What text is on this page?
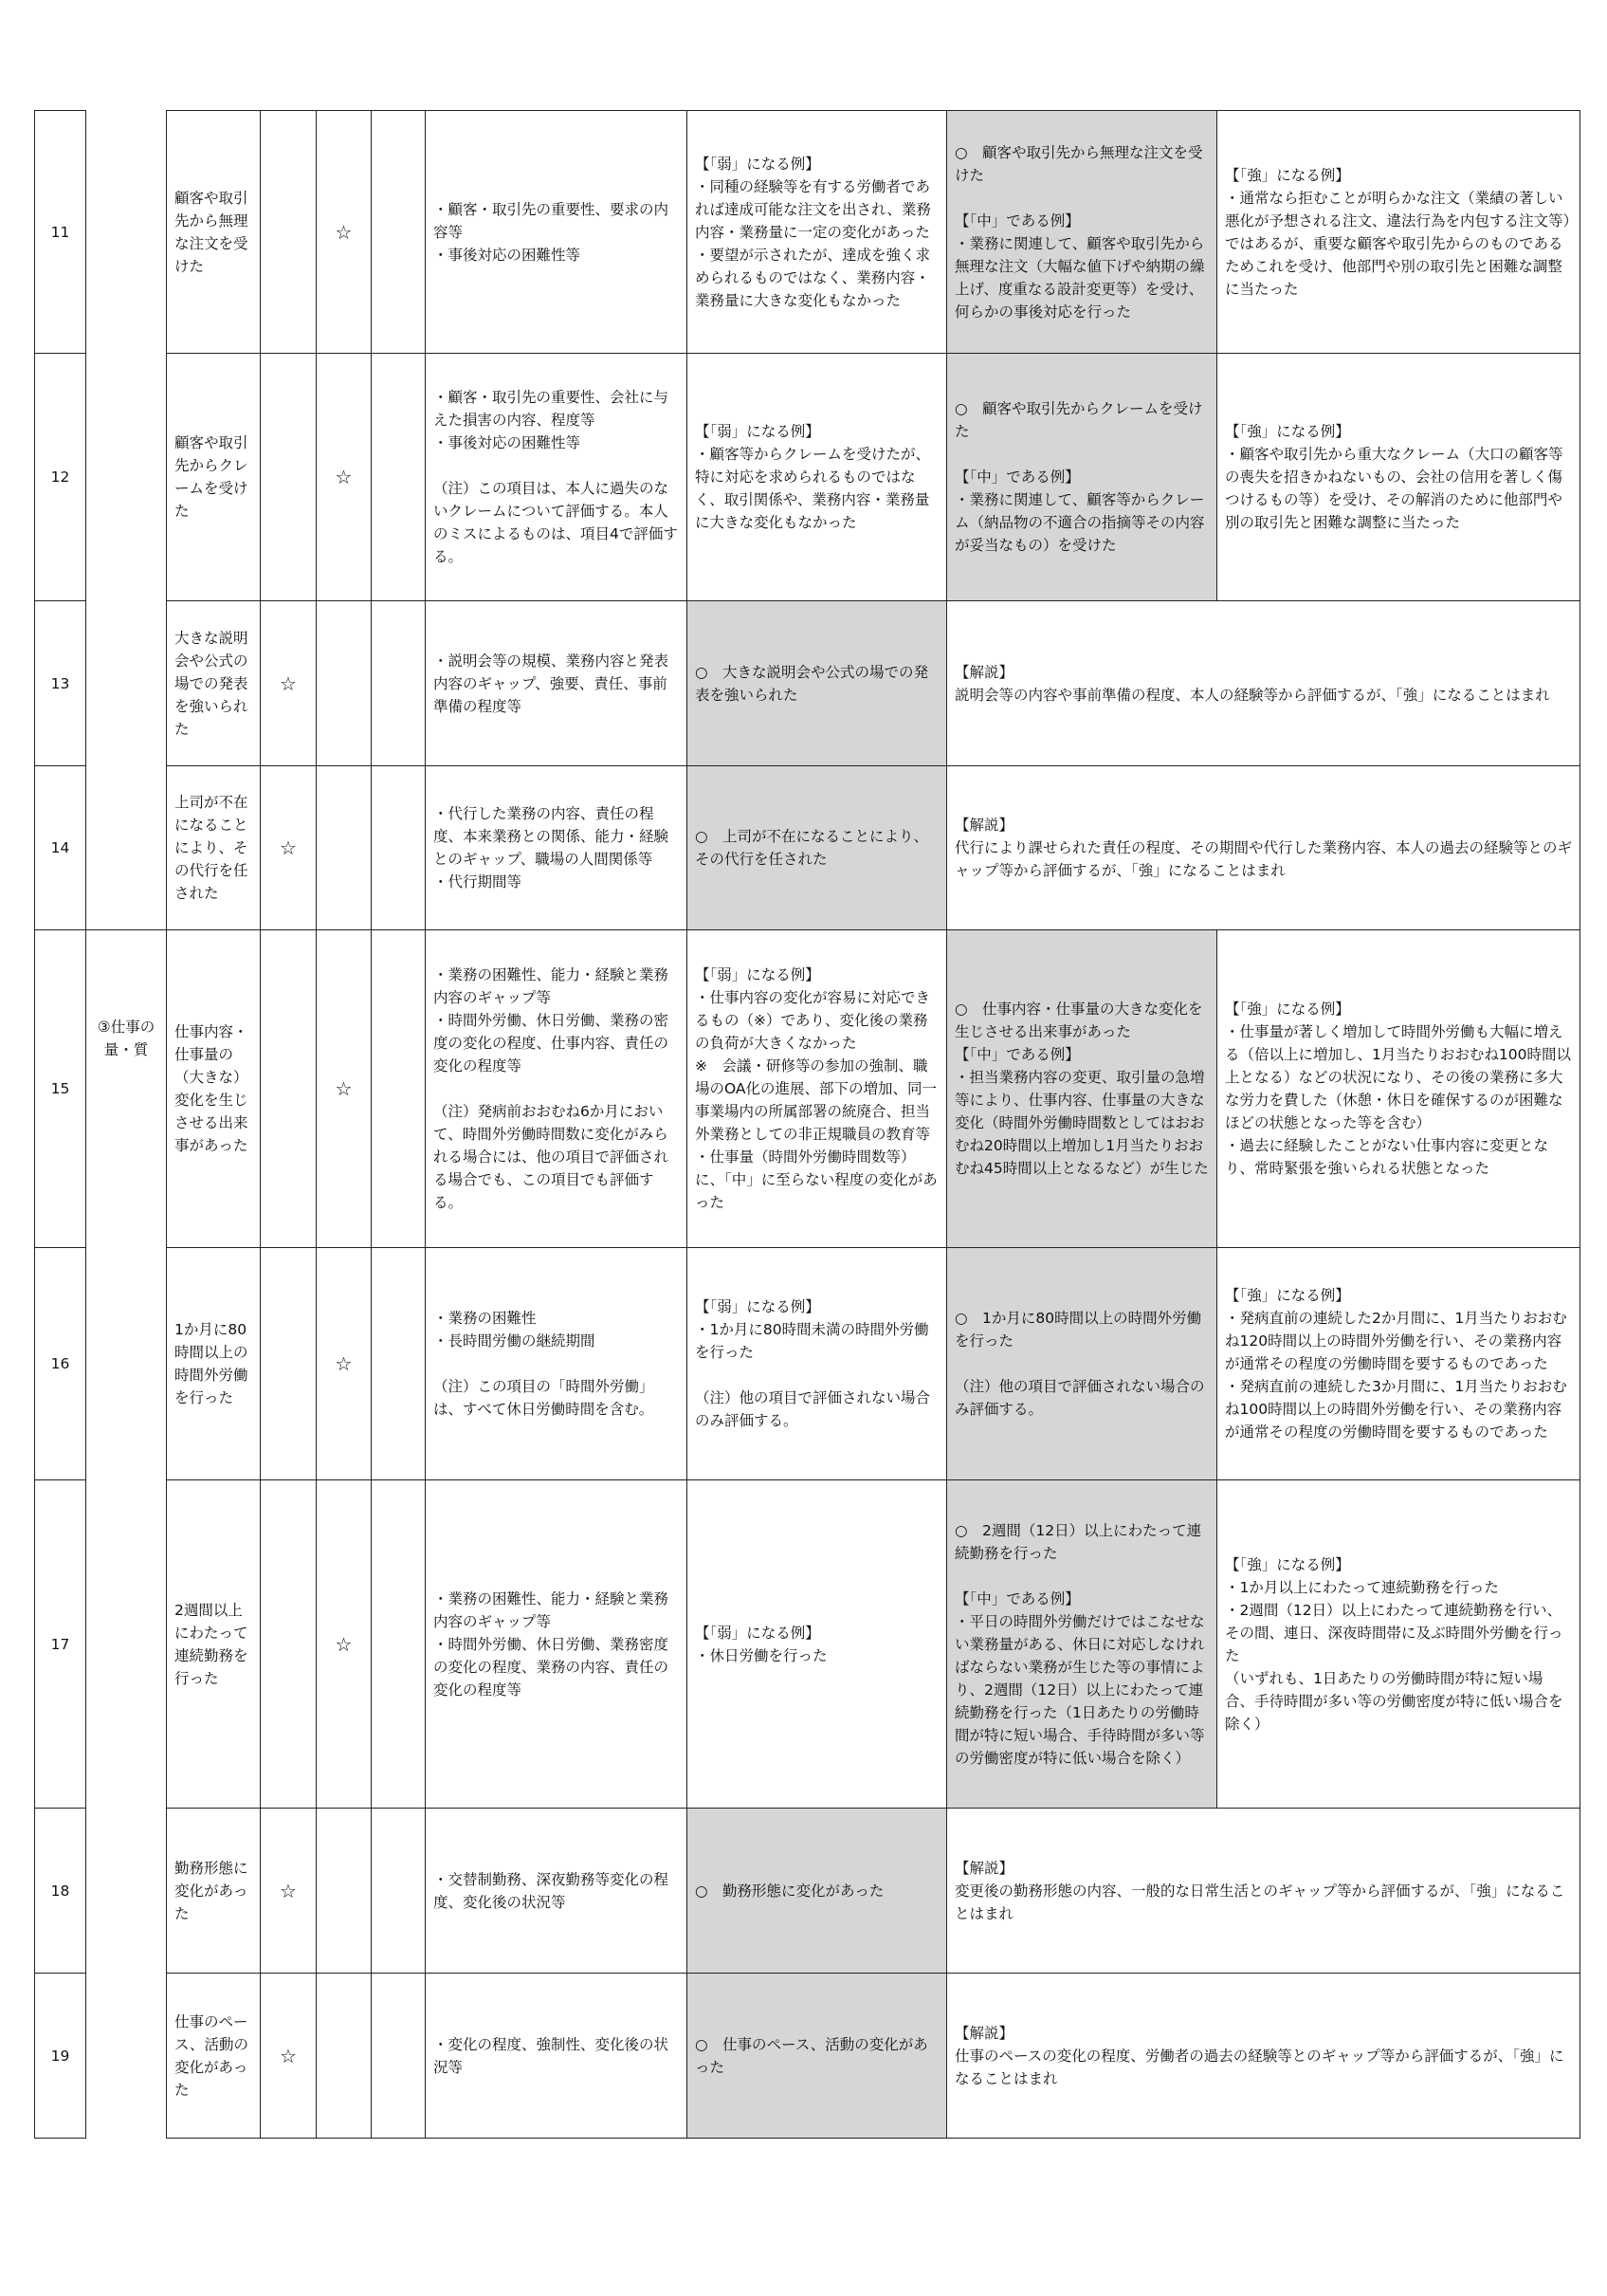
11		顧客や取引先から無理な注文を受けた		☆		・顧客・取引先の重要性、要求の内容等
・事後対応の困難性等	【「弱」になる例】
・同種の経験等を有する労働者であれば達成可能な注文を出され、業務内容・業務量に一定の変化があった
・要望が示されたが、達成を強く求められるものではなく、業務内容・業務量に大きな変化もなかった	○　顧客や取引先から無理な注文を受けた

【「中」である例】
・業務に関連して、顧客や取引先から無理な注文（大幅な値下げや納期の繰上げ、度重なる設計変更等）を受け、何らかの事後対応を行った	【「強」になる例】
・通常なら拒むことが明らかな注文（業績の著しい悪化が予想される注文、違法行為を内包する注文等）ではあるが、重要な顧客や取引先からのものであるためこれを受け、他部門や別の取引先と困難な調整に当たった
12		顧客や取引先からクレームを受けた		☆		・顧客・取引先の重要性、会社に与えた損害の内容、程度等
・事後対応の困難性等

（注）この項目は、本人に過失のないクレームについて評価する。本人のミスによるものは、項目4で評価する。	【「弱」になる例】
・顧客等からクレームを受けたが、特に対応を求められるものではなく、取引関係や、業務内容・業務量に大きな変化もなかった	○　顧客や取引先からクレームを受けた

【「中」である例】
・業務に関連して、顧客等からクレーム（納品物の不適合の指摘等その内容が妥当なもの）を受けた	【「強」になる例】
・顧客や取引先から重大なクレーム（大口の顧客等の喪失を招きかねないもの、会社の信用を著しく傷つけるもの等）を受け、その解消のために他部門や別の取引先と困難な調整に当たった
13		大きな説明会や公式の場での発表を強いられた	☆			・説明会等の規模、業務内容と発表内容のギャップ、強要、責任、事前準備の程度等	○　大きな説明会や公式の場での発表を強いられた	【解説】
説明会等の内容や事前準備の程度、本人の経験等から評価するが、「強」になることはまれ	
14		上司が不在になることにより、その代行を任された	☆			・代行した業務の内容、責任の程度、本来業務との関係、能力・経験とのギャップ、職場の人間関係等
・代行期間等	○　上司が不在になることにより、その代行を任された	【解説】
代行により課せられた責任の程度、その期間や代行した業務内容、本人の過去の経験等とのギャップ等から評価するが、「強」になることはまれ	
15	③仕事の量・質	仕事内容・仕事量の（大きな）変化を生じさせる出来事があった		☆		・業務の困難性、能力・経験と業務内容のギャップ等
・時間外労働、休日労働、業務の密度の変化の程度、仕事内容、責任の変化の程度等

（注）発病前おおむね6か月において、時間外労働時間数に変化がみられる場合には、他の項目で評価される場合でも、この項目でも評価する。	【「弱」になる例】
・仕事内容の変化が容易に対応できるもの（※）であり、変化後の業務の負荷が大きくなかった
※　会議・研修等の参加の強制、職場のOA化の進展、部下の増加、同一事業場内の所属部署の統廃合、担当外業務としての非正規職員の教育等
・仕事量（時間外労働時間数等）に、「中」に至らない程度の変化があった	○　仕事内容・仕事量の大きな変化を生じさせる出来事があった
【「中」である例】
・担当業務内容の変更、取引量の急増等により、仕事内容、仕事量の大きな変化（時間外労働時間数としてはおおむね20時間以上増加し1月当たりおおむね45時間以上となるなど）が生じた	【「強」になる例】
・仕事量が著しく増加して時間外労働も大幅に増える（倍以上に増加し、1月当たりおおむね100時間以上となる）などの状況になり、その後の業務に多大な労力を費した（休憩・休日を確保するのが困難なほどの状態となった等を含む）
・過去に経験したことがない仕事内容に変更となり、常時緊張を強いられる状態となった
16		1か月に80時間以上の時間外労働を行った		☆		・業務の困難性
・長時間労働の継続期間

（注）この項目の「時間外労働」は、すべて休日労働時間を含む。	【「弱」になる例】
・1か月に80時間未満の時間外労働を行った

（注）他の項目で評価されない場合のみ評価する。	○　1か月に80時間以上の時間外労働を行った

（注）他の項目で評価されない場合のみ評価する。	【「強」になる例】
・発病直前の連続した2か月間に、1月当たりおおむね120時間以上の時間外労働を行い、その業務内容が通常その程度の労働時間を要するものであった
・発病直前の連続した3か月間に、1月当たりおおむね100時間以上の時間外労働を行い、その業務内容が通常その程度の労働時間を要するものであった
17		2週間以上にわたって連続勤務を行った		☆		・業務の困難性、能力・経験と業務内容のギャップ等
・時間外労働、休日労働、業務密度の変化の程度、業務の内容、責任の変化の程度等	【「弱」になる例】
・休日労働を行った	○　2週間（12日）以上にわたって連続勤務を行った

【「中」である例】
・平日の時間外労働だけではこなせない業務量がある、休日に対応しなければならない業務が生じた等の事情により、2週間（12日）以上にわたって連続勤務を行った（1日あたりの労働時間が特に短い場合、手待時間が多い等の労働密度が特に低い場合を除く）	【「強」になる例】
・1か月以上にわたって連続勤務を行った
・2週間（12日）以上にわたって連続勤務を行い、その間、連日、深夜時間帯に及ぶ時間外労働を行った
（いずれも、1日あたりの労働時間が特に短い場合、手待時間が多い等の労働密度が特に低い場合を除く）
18		勤務形態に変化があった	☆			・交替制勤務、深夜勤務等変化の程度、変化後の状況等	○　勤務形態に変化があった	【解説】
変更後の勤務形態の内容、一般的な日常生活とのギャップ等から評価するが、「強」になることはまれ	
19		仕事のペース、活動の変化があった	☆			・変化の程度、強制性、変化後の状況等	○　仕事のペース、活動の変化があった	【解説】
仕事のペースの変化の程度、労働者の過去の経験等とのギャップ等から評価するが、「強」になることはまれ	
